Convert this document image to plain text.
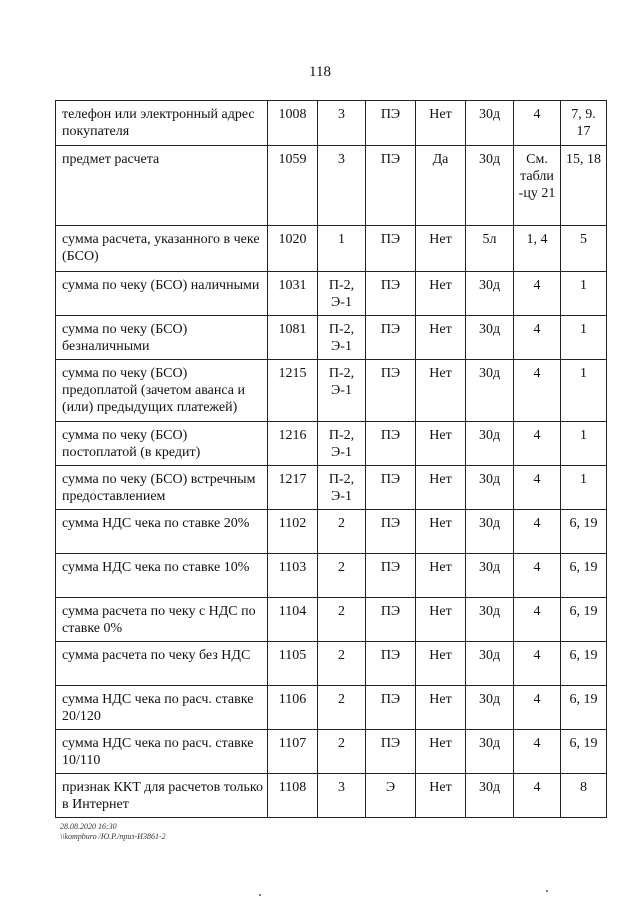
118
телефон или электронный адрес покупателя	1008	3	ПЭ	Нет	30д	4	7, 9. 17
предмет расчета	1059	3	ПЭ	Да	30д	См. табли -цу 21	15, 18
сумма расчета, указанного в чеке (БСО)	1020	1	ПЭ	Нет	5л	1, 4	5
сумма по чеку (БСО) наличными	1031	П-2, Э-1	ПЭ	Нет	30д	4	1
сумма по чеку (БСО) безналичными	1081	П-2, Э-1	ПЭ	Нет	30д	4	1
сумма по чеку (БСО) предоплатой (зачетом аванса и (или) предыдущих платежей)	1215	П-2, Э-1	ПЭ	Нет	30д	4	1
сумма по чеку (БСО) постоплатой (в кредит)	1216	П-2, Э-1	ПЭ	Нет	30д	4	1
сумма по чеку (БСО) встречным предоставлением	1217	П-2, Э-1	ПЭ	Нет	30д	4	1
сумма НДС чека по ставке 20%	1102	2	ПЭ	Нет	30д	4	6, 19
сумма НДС чека по ставке 10%	1103	2	ПЭ	Нет	30д	4	6, 19
сумма расчета по чеку с НДС по ставке 0%	1104	2	ПЭ	Нет	30д	4	6, 19
сумма расчета по чеку без НДС	1105	2	ПЭ	Нет	30д	4	6, 19
сумма НДС чека по расч. ставке 20/120	1106	2	ПЭ	Нет	30д	4	6, 19
сумма НДС чека по расч. ставке 10/110	1107	2	ПЭ	Нет	30д	4	6, 19
признак ККТ для расчетов только в Интернет	1108	3	Э	Нет	30д	4	8
28.08.2020 16:30
\\kompburo /Ю.Р./приз-И3861-2
